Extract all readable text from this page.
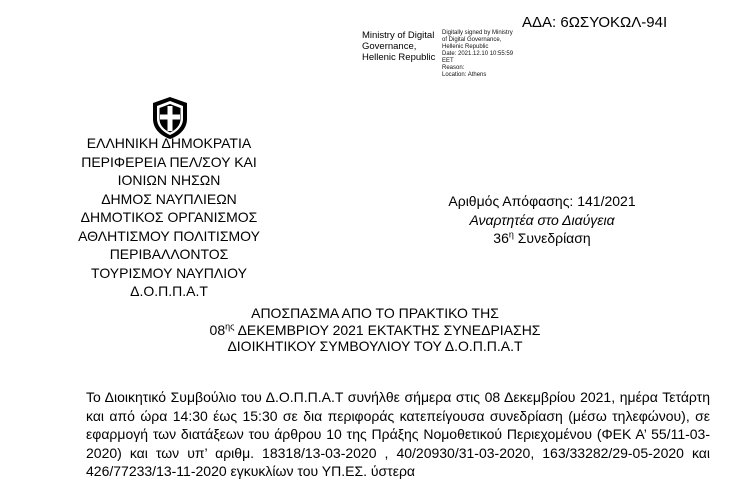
ΑΔΑ: 6ΩΣΥΟΚΩΛ-94Ι
Ministry of Digital
Governance,
Hellenic Republic
Digitally signed by Ministry
of Digital Governance,
Hellenic Republic
Date: 2021.12.10 10:55:59
EET
Reason:
Location: Athens
ΕΛΛΗΝΙΚΗ ΔΗΜΟΚΡΑΤΙΑ
ΠΕΡΙΦΕΡΕΙΑ ΠΕΛ/ΣΟΥ ΚΑΙ
ΙΟΝΙΩΝ ΝΗΣΩΝ
ΔΗΜΟΣ ΝΑΥΠΛΙΕΩΝ
ΔΗΜΟΤΙΚΟΣ ΟΡΓΑΝΙΣΜΟΣ
ΑΘΛΗΤΙΣΜΟΥ ΠΟΛΙΤΙΣΜΟΥ
ΠΕΡΙΒΑΛΛΟΝΤΟΣ
ΤΟΥΡΙΣΜΟΥ ΝΑΥΠΛΙΟΥ
Δ.Ο.Π.Π.Α.Τ
Αριθμός Απόφασης: 141/2021
Αναρτητέα στο Διαύγεια
$36^\eta$ Συνεδρίαση
ΑΠΟΣΠΑΣΜΑ ΑΠΟ ΤΟ ΠΡΑΚΤΙΚΟ ΤΗΣ
$08^{\eta\varsigma}$ ΔΕΚΕΜΒΡΙΟΥ 2021 ΕΚΤΑΚΤΗΣ ΣΥΝΕΔΡΙΑΣΗΣ
ΔΙΟΙΚΗΤΙΚΟΥ ΣΥΜΒΟΥΛΙΟΥ ΤΟΥ Δ.Ο.Π.Π.Α.Τ
Το Διοικητικό Συμβούλιο του Δ.Ο.Π.Π.Α.Τ συνήλθε σήμερα στις 08 Δεκεμβρίου 2021, ημέρα Τετάρτη και από ώρα 14:30 έως 15:30 σε δια περιφοράς κατεπείγουσα συνεδρίαση (μέσω τηλεφώνου), σε εφαρμογή των διατάξεων του άρθρου 10 της Πράξης Νομοθετικού Περιεχομένου (ΦΕΚ Α’ 55/11-03-2020) και των υπ’ αριθμ. 18318/13-03-2020 , 40/20930/31-03-2020, 163/33282/29-05-2020 και 426/77233/13-11-2020 εγκυκλίων του ΥΠ.ΕΣ. ύστερα
